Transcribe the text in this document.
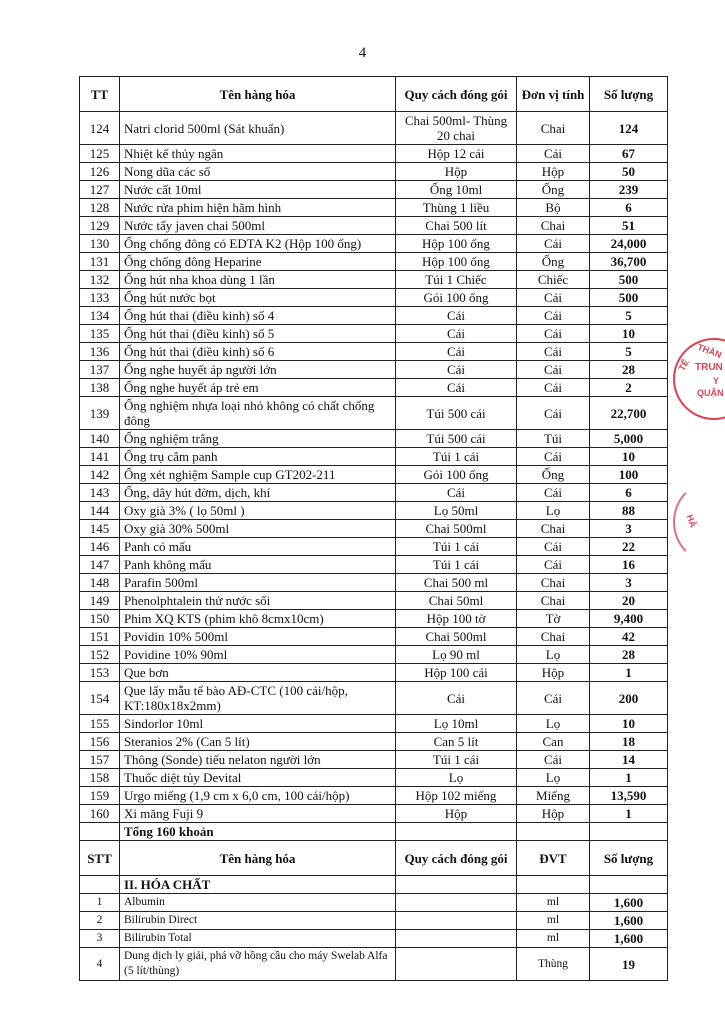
4
TT	Tên hàng hóa	Quy cách đóng gói	Đơn vị tính	Số lượng
124	Natri clorid 500ml (Sát khuẩn)	Chai 500ml- Thùng 20 chai	Chai	124
125	Nhiệt kế thủy ngân	Hộp 12 cái	Cái	67
126	Nong dũa các số	Hộp	Hộp	50
127	Nước cất 10ml	Ống 10ml	Ống	239
128	Nước rửa phim hiện hãm hình	Thùng 1 liều	Bộ	6
129	Nước tẩy javen chai 500ml	Chai 500 lít	Chai	51
130	Ống chống đông có EDTA K2 (Hộp 100 ống)	Hộp 100 ống	Cái	24,000
131	Ống chống đông Heparine	Hộp 100 ống	Ống	36,700
132	Ống hút nha khoa dùng 1 lần	Túi 1 Chiếc	Chiếc	500
133	Ống hút nước bọt	Gói 100 ống	Cái	500
134	Ống hút thai (điều kinh) số 4	Cái	Cái	5
135	Ống hút thai (điều kinh) số 5	Cái	Cái	10
136	Ống hút thai (điều kinh) số 6	Cái	Cái	5
137	Ống nghe huyết áp người lớn	Cái	Cái	28
138	Ống nghe huyết áp trẻ em	Cái	Cái	2
139	Ống nghiệm nhựa loại nhỏ không có chất chống đông	Túi 500 cái	Cái	22,700
140	Ống nghiệm trắng	Túi 500 cái	Túi	5,000
141	Ống trụ cắm panh	Túi 1 cái	Cái	10
142	Ống xét nghiệm Sample cup GT202-211	Gói 100 ống	Ống	100
143	Ống, dây hút đờm, dịch, khí	Cái	Cái	6
144	Oxy già 3% ( lọ 50ml )	Lọ 50ml	Lọ	88
145	Oxy già 30% 500ml	Chai 500ml	Chai	3
146	Panh có mấu	Túi 1 cái	Cái	22
147	Panh không mấu	Túi 1 cái	Cái	16
148	Parafin 500ml	Chai 500 ml	Chai	3
149	Phenolphtalein thử nước sối	Chai 50ml	Chai	20
150	Phim XQ KTS (phim khô 8cmx10cm)	Hộp 100 tờ	Tờ	9,400
151	Povidin 10% 500ml	Chai 500ml	Chai	42
152	Povidine 10% 90ml	Lọ 90 ml	Lọ	28
153	Que bơn	Hộp 100 cái	Hộp	1
154	Que lấy mẫu tế bào AĐ-CTC (100 cái/hộp, KT:180x18x2mm)	Cái	Cái	200
155	Sindorlor 10ml	Lọ 10ml	Lọ	10
156	Steranios 2% (Can 5 lít)	Can 5 lít	Can	18
157	Thông (Sonde) tiểu nelaton người lớn	Túi 1 cái	Cái	14
158	Thuốc diệt tủy Devital	Lọ	Lọ	1
159	Urgo miếng (1,9 cm x 6,0 cm, 100 cái/hộp)	Hộp 102 miếng	Miếng	13,590
160	Xi măng Fuji 9	Hộp	Hộp	1
	Tổng 160 khoản			
STT	Tên hàng hóa	Quy cách đóng gói	ĐVT	Số lượng
	II. HÓA CHẤT			
1	Albumin		ml	1,600
2	Bilirubin Direct		ml	1,600
3	Bilirubin Total		ml	1,600
4	Dung dịch ly giải, phá vỡ hồng cầu cho máy Swelab Alfa (5 lít/thùng)		Thùng	19
THÀN
TRUN
Y
QUẬN
TẾ
HÀ
